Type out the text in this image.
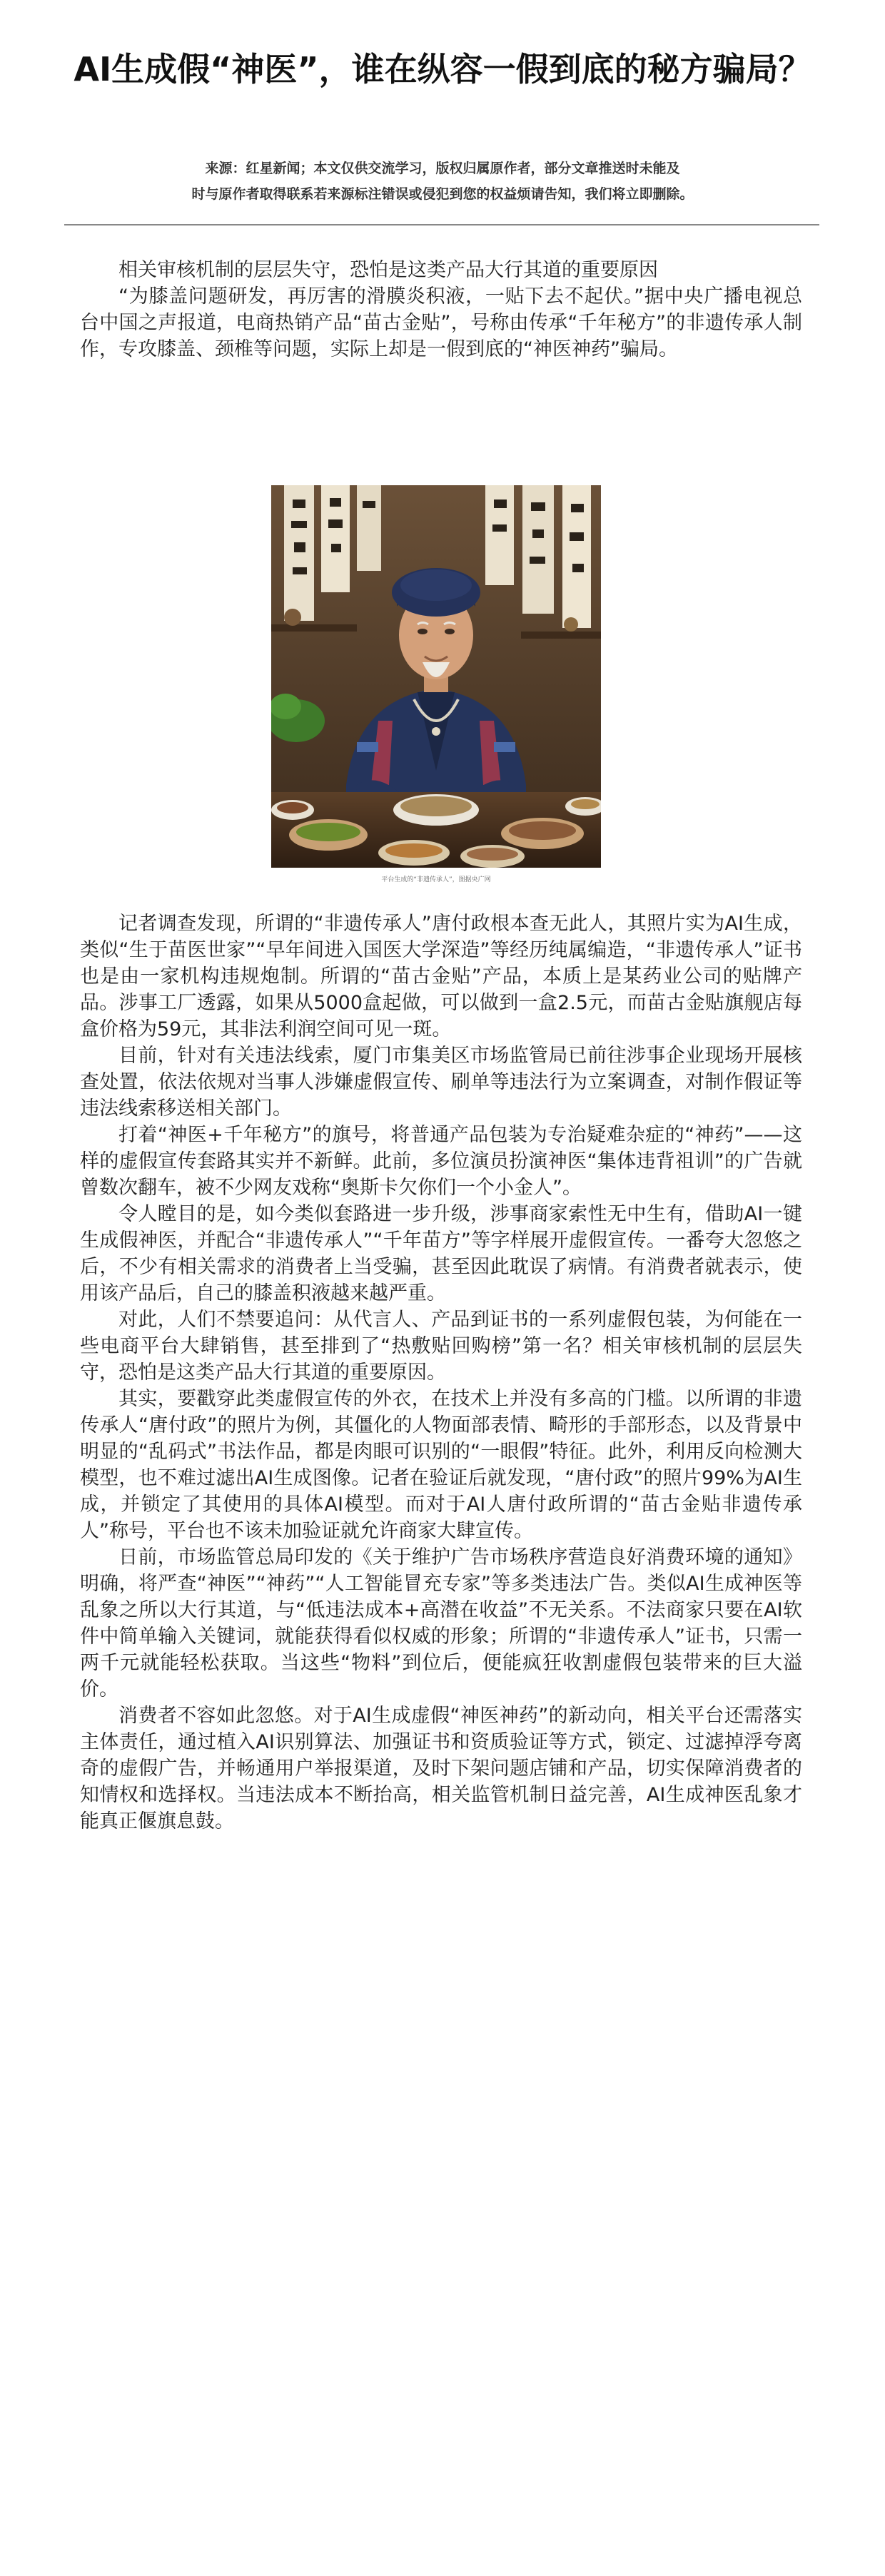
AI生成假“神医”，谁在纵容一假到底的秘方骗局？
来源：红星新闻；本文仅供交流学习，版权归属原作者，部分文章推送时未能及
时与原作者取得联系若来源标注错误或侵犯到您的权益烦请告知，我们将立即删除。

相关审核机制的层层失守，恐怕是这类产品大行其道的重要原因

“为膝盖问题研发，再厉害的滑膜炎积液，一贴下去不起伏。”据中央广播电视总台中国之声报道，电商热销产品“苗古金贴”，号称由传承“千年秘方”的非遗传承人制作，专攻膝盖、颈椎等问题，实际上却是一假到底的“神医神药”骗局。

平台生成的“非遗传承人”，图据央广网

记者调查发现，所谓的“非遗传承人”唐付政根本查无此人，其照片实为AI生成，类似“生于苗医世家”“早年间进入国医大学深造”等经历纯属编造，“非遗传承人”证书也是由一家机构违规炮制。所谓的“苗古金贴”产品，本质上是某药业公司的贴牌产品。涉事工厂透露，如果从5000盒起做，可以做到一盒2.5元，而苗古金贴旗舰店每盒价格为59元，其非法利润空间可见一斑。

目前，针对有关违法线索，厦门市集美区市场监管局已前往涉事企业现场开展核查处置，依法依规对当事人涉嫌虚假宣传、刷单等违法行为立案调查，对制作假证等违法线索移送相关部门。

打着“神医+千年秘方”的旗号，将普通产品包装为专治疑难杂症的“神药”——这样的虚假宣传套路其实并不新鲜。此前，多位演员扮演神医“集体违背祖训”的广告就曾数次翻车，被不少网友戏称“奥斯卡欠你们一个小金人”。

令人瞠目的是，如今类似套路进一步升级，涉事商家索性无中生有，借助AI一键生成假神医，并配合“非遗传承人”“千年苗方”等字样展开虚假宣传。一番夸大忽悠之后，不少有相关需求的消费者上当受骗，甚至因此耽误了病情。有消费者就表示，使用该产品后，自己的膝盖积液越来越严重。

对此，人们不禁要追问：从代言人、产品到证书的一系列虚假包装，为何能在一些电商平台大肆销售，甚至排到了“热敷贴回购榜”第一名？相关审核机制的层层失守，恐怕是这类产品大行其道的重要原因。

其实，要戳穿此类虚假宣传的外衣，在技术上并没有多高的门槛。以所谓的非遗传承人“唐付政”的照片为例，其僵化的人物面部表情、畸形的手部形态，以及背景中明显的“乱码式”书法作品，都是肉眼可识别的“一眼假”特征。此外，利用反向检测大模型，也不难过滤出AI生成图像。记者在验证后就发现，“唐付政”的照片99%为AI生成，并锁定了其使用的具体AI模型。而对于AI人唐付政所谓的“苗古金贴非遗传承人”称号，平台也不该未加验证就允许商家大肆宣传。

日前，市场监管总局印发的《关于维护广告市场秩序营造良好消费环境的通知》明确，将严查“神医”“神药”“人工智能冒充专家”等多类违法广告。类似AI生成神医等乱象之所以大行其道，与“低违法成本+高潜在收益”不无关系。不法商家只要在AI软件中简单输入关键词，就能获得看似权威的形象；所谓的“非遗传承人”证书，只需一两千元就能轻松获取。当这些“物料”到位后，便能疯狂收割虚假包装带来的巨大溢价。

消费者不容如此忽悠。对于AI生成虚假“神医神药”的新动向，相关平台还需落实主体责任，通过植入AI识别算法、加强证书和资质验证等方式，锁定、过滤掉浮夸离奇的虚假广告，并畅通用户举报渠道，及时下架问题店铺和产品，切实保障消费者的知情权和选择权。当违法成本不断抬高，相关监管机制日益完善，AI生成神医乱象才能真正偃旗息鼓。
